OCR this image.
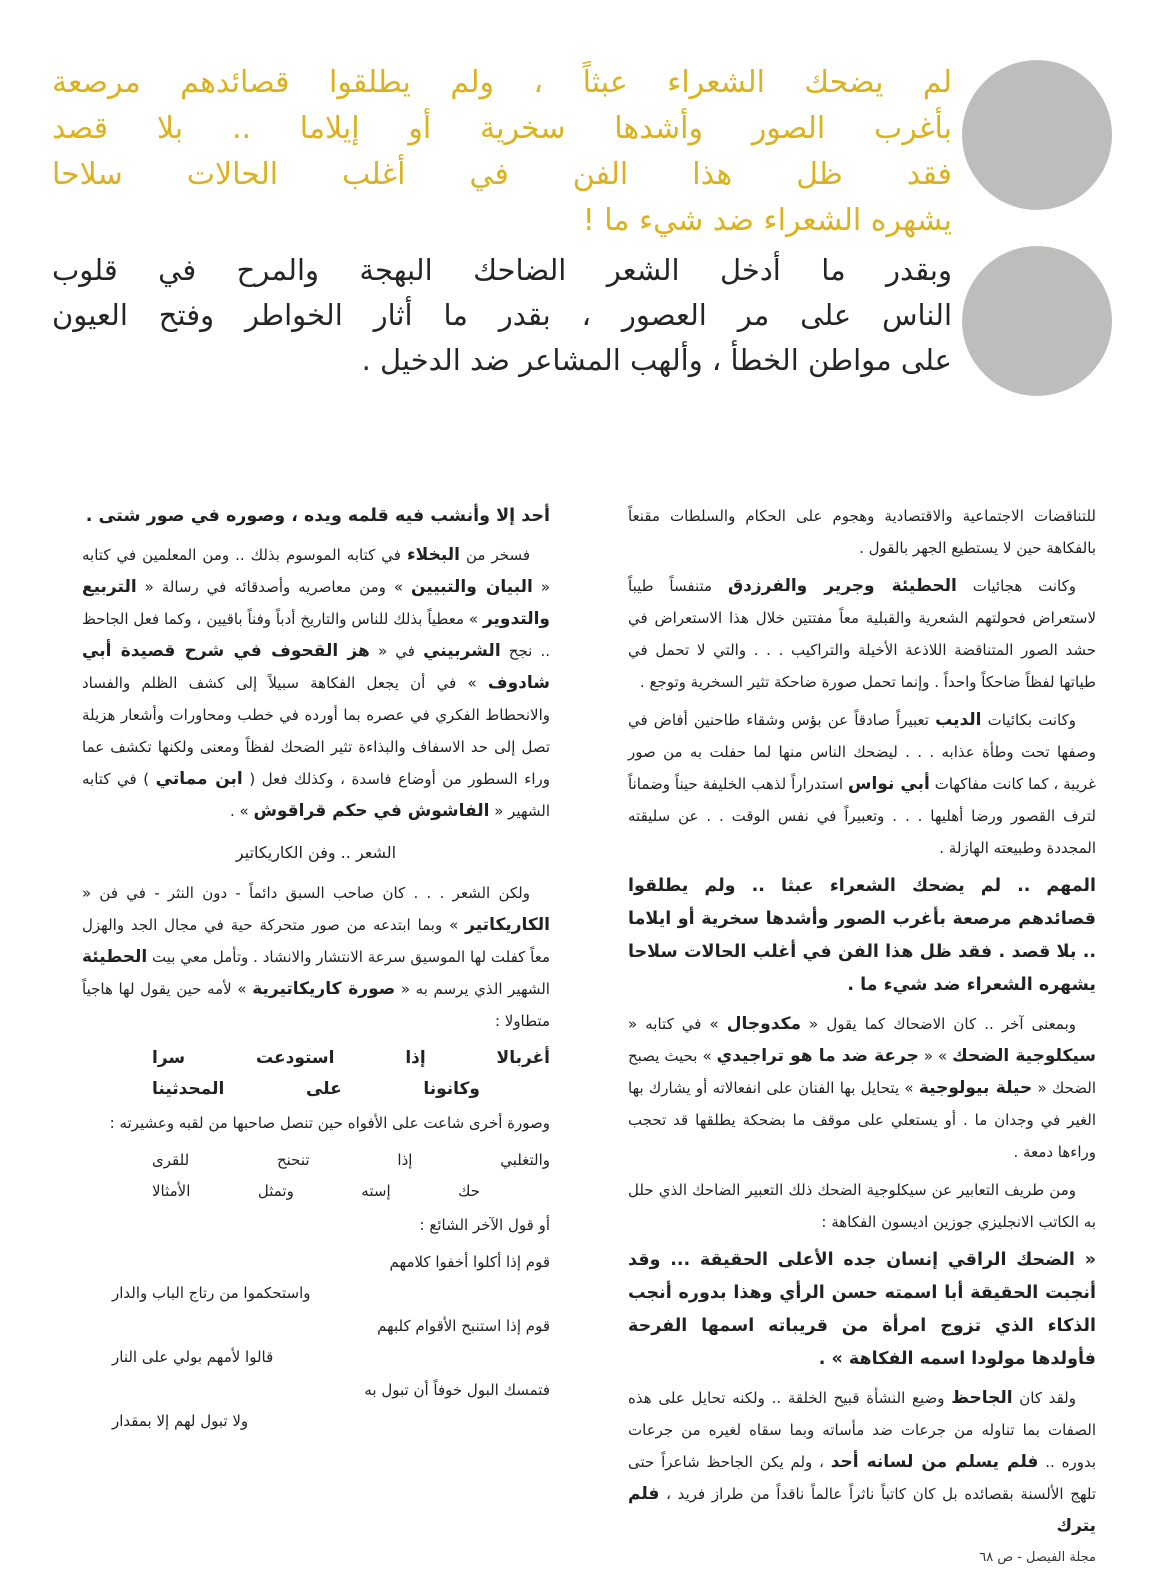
لم يضحك الشعراء عبثاً ، ولم يطلقوا قصائدهم مرصعة
بأغرب الصور وأشدها سخرية أو إيلاما .. بلا قصد
فقد ظل هذا الفن في أغلب الحالات سلاحا
يشهره الشعراء ضد شيء ما !
وبقدر ما أدخل الشعر الضاحك البهجة والمرح في قلوب
الناس على مر العصور ، بقدر ما أثار الخواطر وفتح العيون
على مواطن الخطأ ، وألهب المشاعر ضد الدخيل .

للتناقضات الاجتماعية والاقتصادية وهجوم على الحكام والسلطات مقنعاً بالفكاهة حين لا يستطيع الجهر بالقول .

وكانت هجائيات الحطيئة وجرير والفرزدق متنفساً طيباً لاستعراض فحولتهم الشعرية والقبلية معاً مفتتين خلال هذا الاستعراض في حشد الصور المتناقضة اللاذعة الأخيلة والتراكيب . . . والتي لا تحمل في طياتها لفظاً ضاحكاً واحداً . وإنما تحمل صورة ضاحكة تثير السخرية وتوجع .

وكانت بكائيات الديب تعبيراً صادقاً عن بؤس وشقاء طاحنين أفاض في وصفها تحت وطأة عذابه . . . ليضحك الناس منها لما حفلت به من صور غريبة ، كما كانت مفاكهات أبي نواس استدراراً لذهب الخليفة حيناً وضماناً لترف القصور ورضا أهليها . . . وتعبيراً في نفس الوقت . . عن سليقته المجددة وطبيعته الهازلة .

المهم .. لم يضحك الشعراء عبثا .. ولم يطلقوا قصائدهم مرصعة بأغرب الصور وأشدها سخرية أو ايلاما .. بلا قصد . فقد ظل هذا الفن في أغلب الحالات سلاحا يشهره الشعراء ضد شيء ما .

وبمعنى آخر .. كان الاضحاك كما يقول « مكدوجال » في كتابه « سيكلوجية الضحك » « جرعة ضد ما هو تراجيدي » بحيث يصبح الضحك « حيلة بيولوجية » يتحايل بها الفنان على انفعالاته أو يشارك بها الغير في وجدان ما . أو يستعلي على موقف ما بضحكة يطلقها قد تحجب وراءها دمعة .

ومن طريف التعابير عن سيكلوجية الضحك ذلك التعبير الضاحك الذي حلل به الكاتب الانجليزي جوزين اديسون الفكاهة :

« الضحك الراقي إنسان جده الأعلى الحقيقة ... وقد أنجبت الحقيقة أبا اسمته حسن الرأي وهذا بدوره أنجب الذكاء الذي تزوج امرأة من قريباته اسمها الفرحة فأولدها مولودا اسمه الفكاهة » .

ولقد كان الجاحظ وضيع النشأة قبيح الخلقة .. ولكنه تحايل على هذه الصفات بما تناوله من جرعات ضد مأساته وبما سقاه لغيره من جرعات بدوره .. فلم يسلم من لسانه أحد ، ولم يكن الجاحظ شاعراً حتى تلهج الألسنة بقصائده بل كان كاتباً ناثراً عالماً ناقداً من طراز فريد ، فلم يترك

أحد إلا وأنشب فيه قلمه ويده ، وصوره في صور شتى .

فسخر من البخلاء في كتابه الموسوم بذلك .. ومن المعلمين في كتابه « البيان والتبيين » ومن معاصريه وأصدقائه في رسالة « التربيع والتدوير » معطياً بذلك للناس والتاريخ أدباً وفناً باقيين ، وكما فعل الجاحظ .. نجح الشربيني في « هز القحوف في شرح قصيدة أبي شادوف » في أن يجعل الفكاهة سبيلاً إلى كشف الظلم والفساد والانحطاط الفكري في عصره بما أورده في خطب ومحاورات وأشعار هزيلة تصل إلى حد الاسفاف والبذاءة تثير الضحك لفظاً ومعنى ولكنها تكشف عما وراء السطور من أوضاع فاسدة ، وكذلك فعل ( ابن مماتي ) في كتابه الشهير « الفاشوش في حكم قراقوش » .

الشعر .. وفن الكاريكاتير

ولكن الشعر . . . كان صاحب السبق دائماً - دون النثر - في فن « الكاريكاتير » وبما ابتدعه من صور متحركة حية في مجال الجد والهزل معاً كفلت لها الموسيق سرعة الانتشار والانشاد . وتأمل معي بيت الحطيئة الشهير الذي يرسم به « صورة كاريكاتيرية » لأمه حين يقول لها هاجياً متطاولا :

أغربالا إذا استودعت سرا
وكانونا على المحدثينا

وصورة أخرى شاعت على الأفواه حين تنصل صاحبها من لقبه وعشيرته :

والتغلبي إذا تنحنح للقرى
حك إسته وتمثل الأمثالا

أو قول الآخر الشائع :

قوم إذا أكلوا أخفوا كلامهم
واستحكموا من رتاج الباب والدار
قوم إذا استنبح الأقوام كلبهم
قالوا لأمهم بولي على النار
فتمسك البول خوفاً أن تبول به
ولا تبول لهم إلا بمقدار
مجلة الفيصل - ص ٦٨
